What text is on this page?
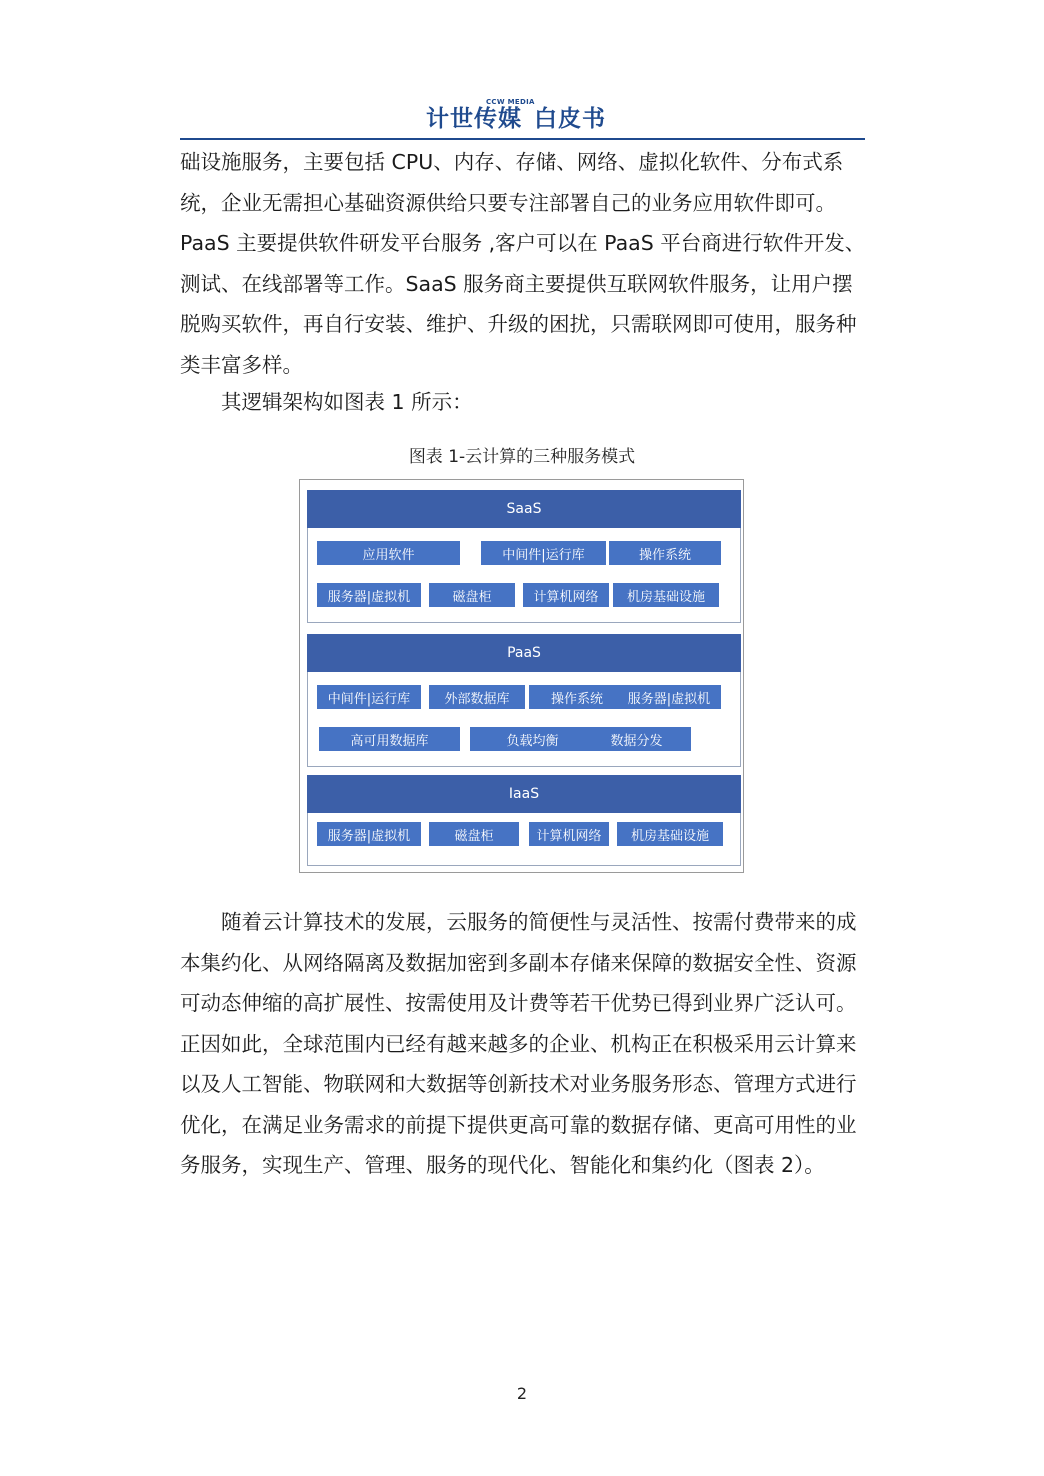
CCW MEDIA
计世传媒 白皮书
础设施服务，主要包括 CPU、内存、存储、网络、虚拟化软件、分布式系
统，企业无需担心基础资源供给只要专注部署自己的业务应用软件即可。
PaaS 主要提供软件研发平台服务 ,客户可以在 PaaS 平台商进行软件开发、
测试、在线部署等工作。SaaS 服务商主要提供互联网软件服务，让用户摆
脱购买软件，再自行安装、维护、升级的困扰，只需联网即可使用，服务种
类丰富多样。
其逻辑架构如图表 1 所示：
图表 1-云计算的三种服务模式
SaaS
应用软件	中间件|运行库	操作系统
服务器|虚拟机	磁盘柜	计算机网络	机房基础设施
PaaS
中间件|运行库	外部数据库	操作系统	服务器|虚拟机
高可用数据库	负载均衡	数据分发
IaaS
服务器|虚拟机	磁盘柜	计算机网络	机房基础设施
随着云计算技术的发展，云服务的简便性与灵活性、按需付费带来的成
本集约化、从网络隔离及数据加密到多副本存储来保障的数据安全性、资源
可动态伸缩的高扩展性、按需使用及计费等若干优势已得到业界广泛认可。
正因如此，全球范围内已经有越来越多的企业、机构正在积极采用云计算来
以及人工智能、物联网和大数据等创新技术对业务服务形态、管理方式进行
优化，在满足业务需求的前提下提供更高可靠的数据存储、更高可用性的业
务服务，实现生产、管理、服务的现代化、智能化和集约化（图表 2）。
2
